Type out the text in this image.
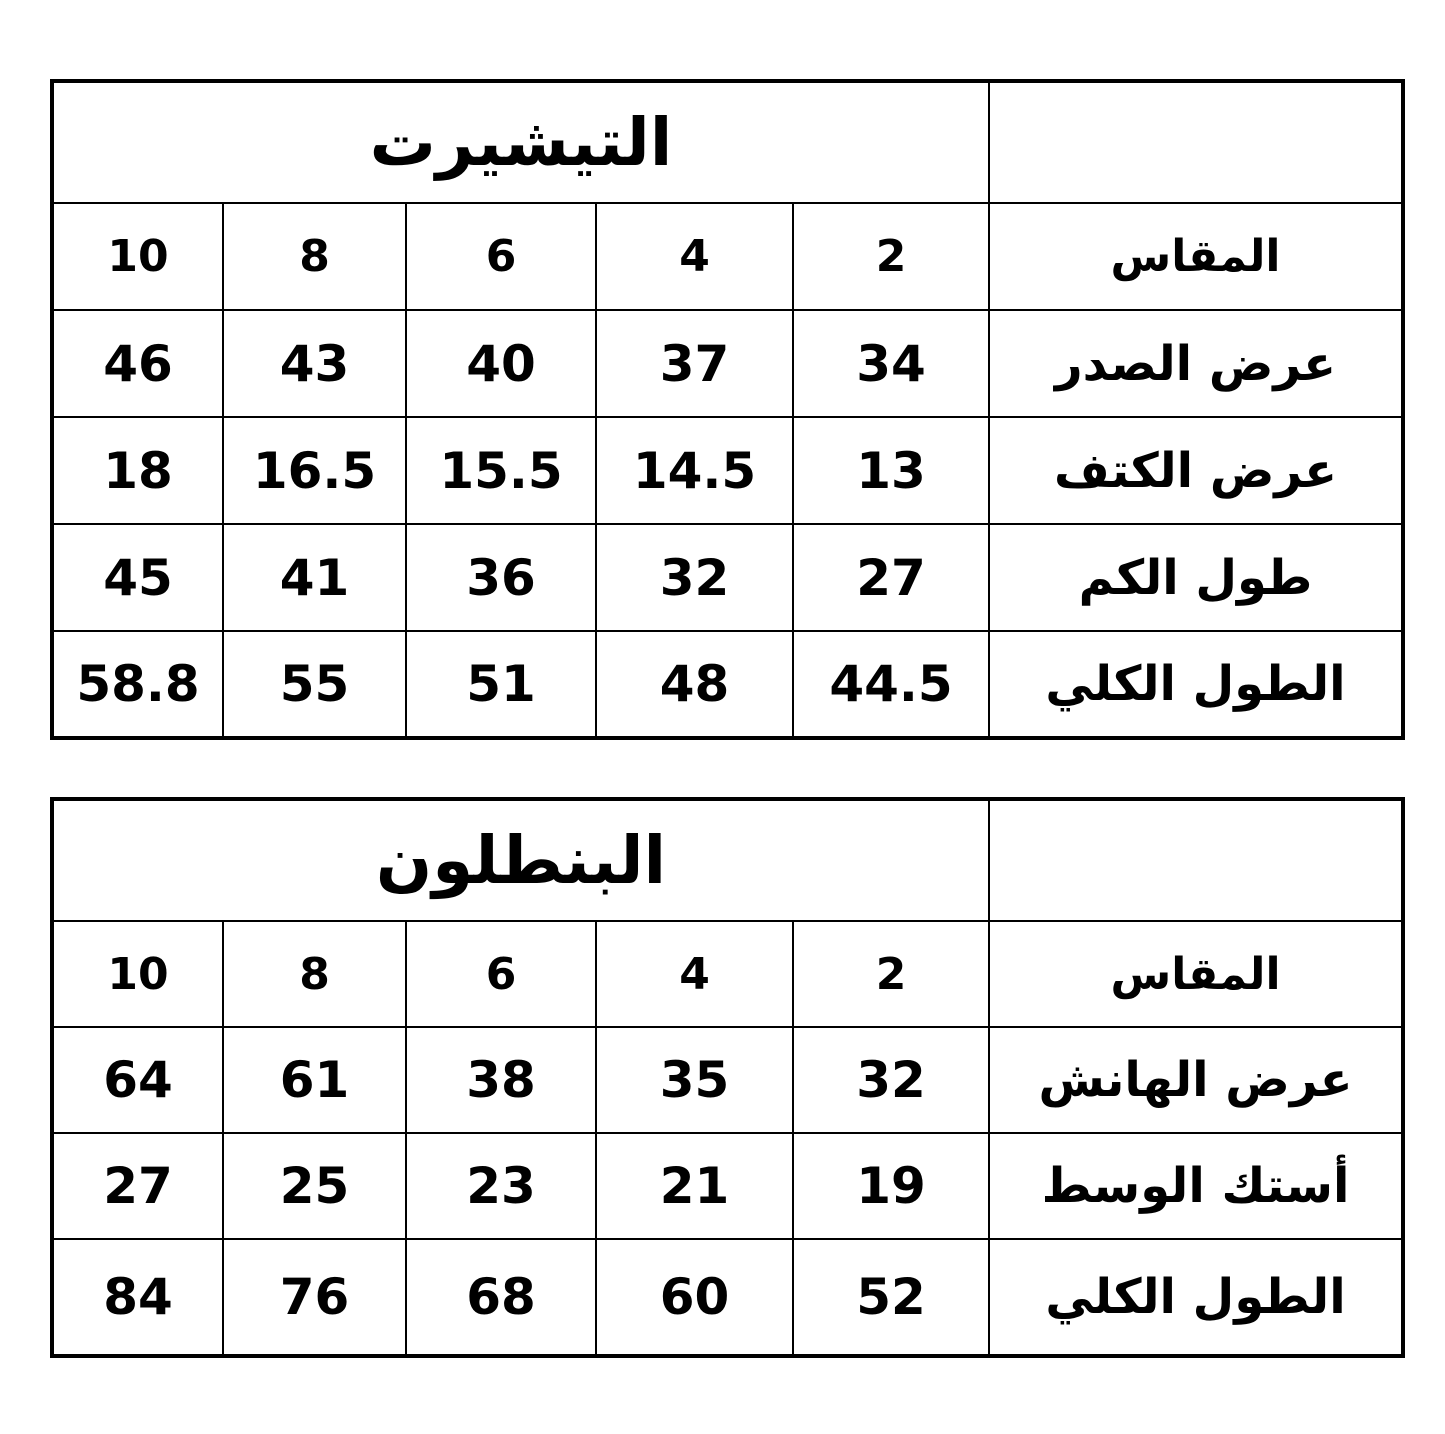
التيشيرت					
10	8	6	4	2	المقاس
46	43	40	37	34	عرض الصدر
18	16.5	15.5	14.5	13	عرض الكتف
45	41	36	32	27	طول الكم
58.8	55	51	48	44.5	الطول الكلي
البنطلون					
10	8	6	4	2	المقاس
64	61	38	35	32	عرض الهانش
27	25	23	21	19	أستك الوسط
84	76	68	60	52	الطول الكلي
